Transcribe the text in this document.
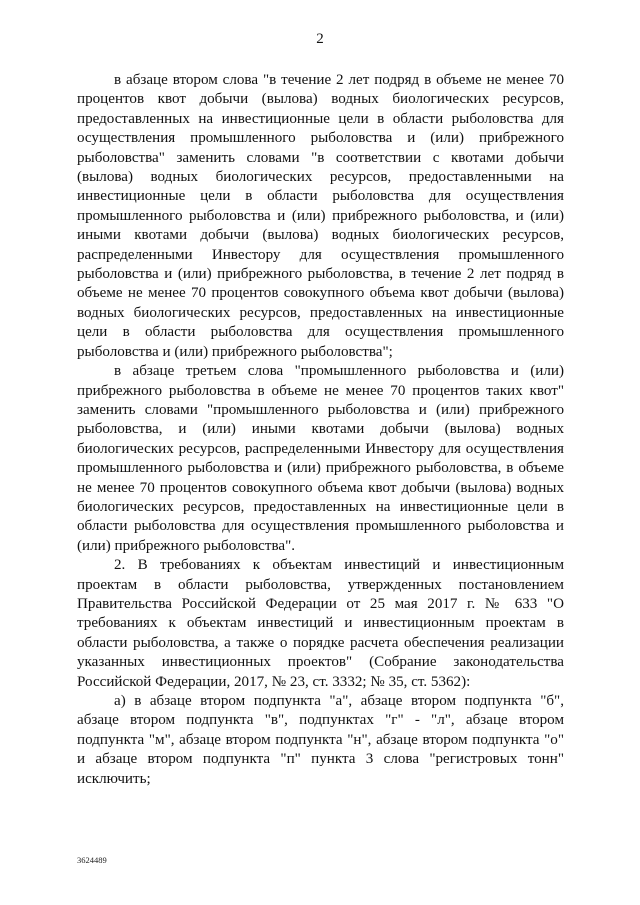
2

в абзаце втором слова "в течение 2 лет подряд в объеме не менее 70 процентов квот добычи (вылова) водных биологических ресурсов, предоставленных на инвестиционные цели в области рыболовства для осуществления промышленного рыболовства и (или) прибрежного рыболовства" заменить словами "в соответствии с квотами добычи (вылова) водных биологических ресурсов, предоставленными на инвестиционные цели в области рыболовства для осуществления промышленного рыболовства и (или) прибрежного рыболовства, и (или) иными квотами добычи (вылова) водных биологических ресурсов, распределенными Инвестору для осуществления промышленного рыболовства и (или) прибрежного рыболовства, в течение 2 лет подряд в объеме не менее 70 процентов совокупного объема квот добычи (вылова) водных биологических ресурсов, предоставленных на инвестиционные цели в области рыболовства для осуществления промышленного рыболовства и (или) прибрежного рыболовства";

в абзаце третьем слова "промышленного рыболовства и (или) прибрежного рыболовства в объеме не менее 70 процентов таких квот" заменить словами "промышленного рыболовства и (или) прибрежного рыболовства, и (или) иными квотами добычи (вылова) водных биологических ресурсов, распределенными Инвестору для осуществления промышленного рыболовства и (или) прибрежного рыболовства, в объеме не менее 70 процентов совокупного объема квот добычи (вылова) водных биологических ресурсов, предоставленных на инвестиционные цели в области рыболовства для осуществления промышленного рыболовства и (или) прибрежного рыболовства".

2. В требованиях к объектам инвестиций и инвестиционным проектам в области рыболовства, утвержденных постановлением Правительства Российской Федерации от 25 мая 2017 г. № 633 "О требованиях к объектам инвестиций и инвестиционным проектам в области рыболовства, а также о порядке расчета обеспечения реализации указанных инвестиционных проектов" (Собрание законодательства Российской Федерации, 2017, № 23, ст. 3332; № 35, ст. 5362):

а) в абзаце втором подпункта "а", абзаце втором подпункта "б", абзаце втором подпункта "в", подпунктах "г" - "л", абзаце втором подпункта "м", абзаце втором подпункта "н", абзаце втором подпункта "о" и абзаце втором подпункта "п" пункта 3 слова "регистровых тонн" исключить;

3624489
